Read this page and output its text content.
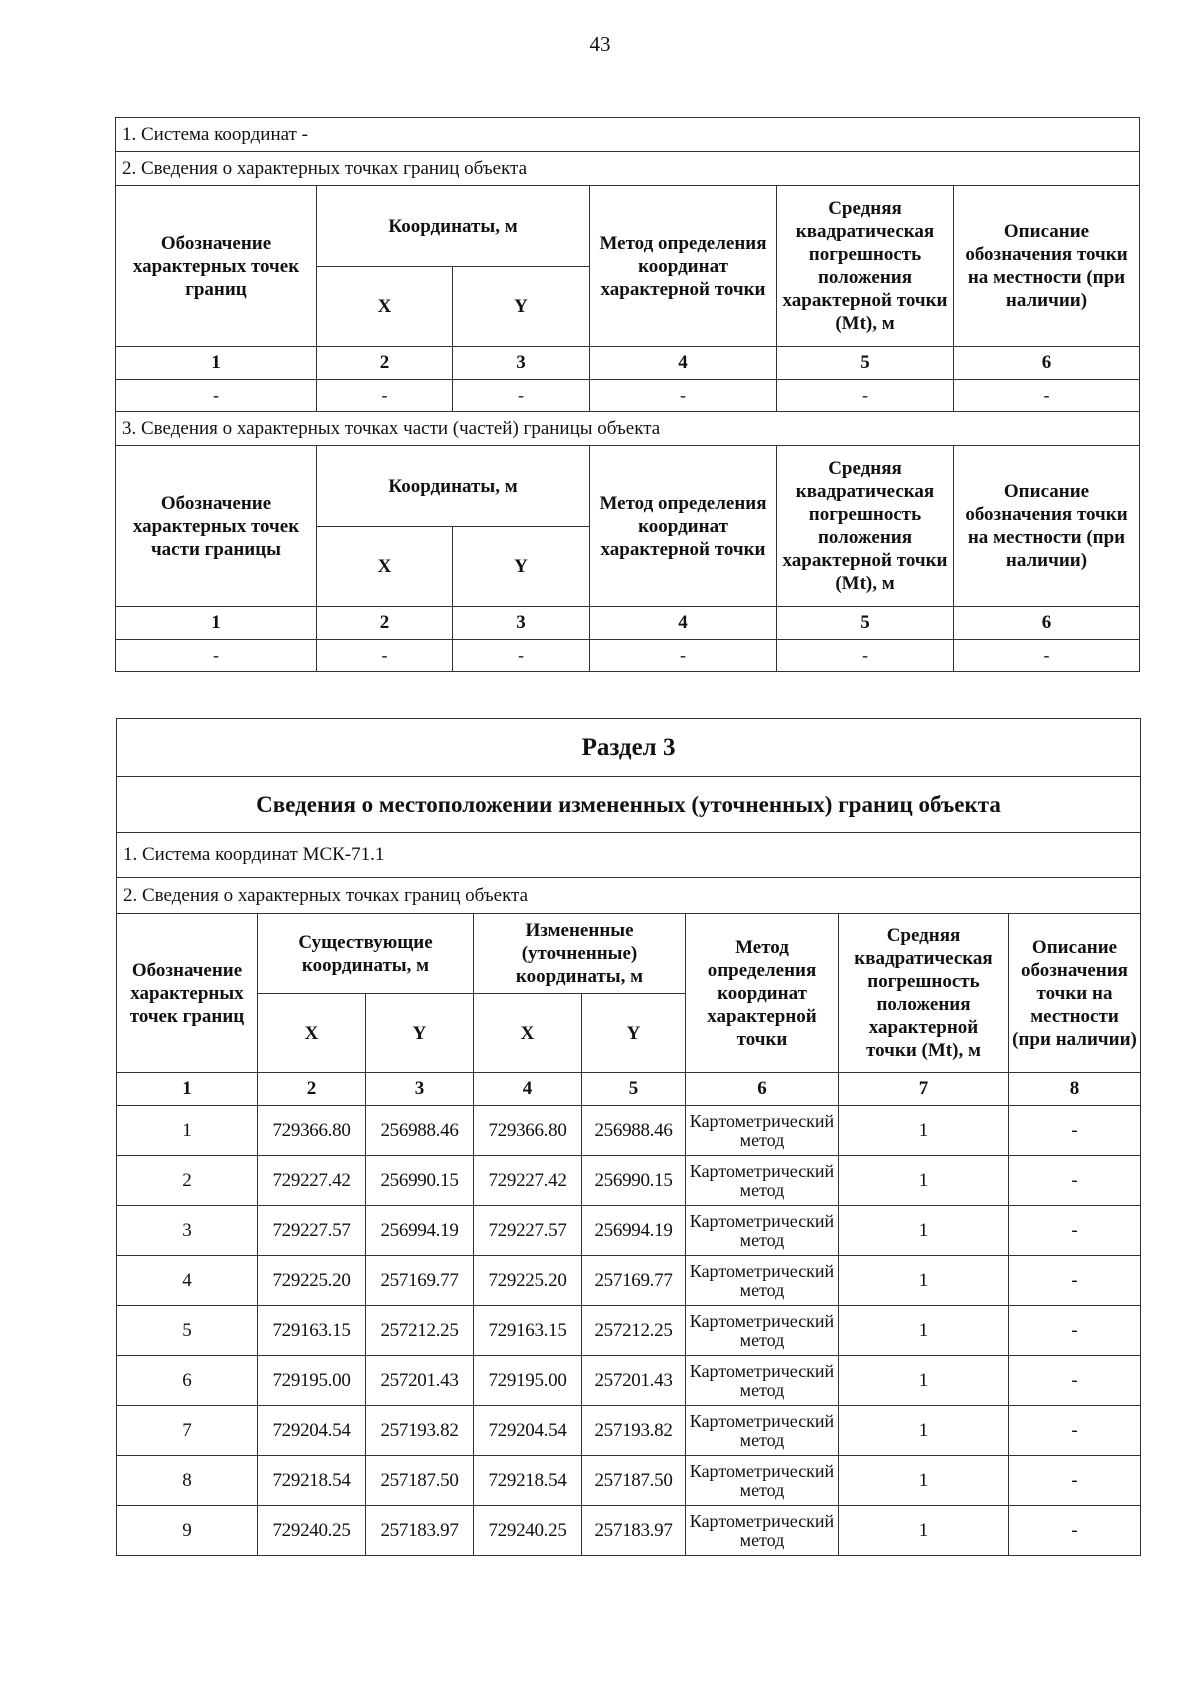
43
1. Система координат -					
2. Сведения о характерных точках границ объекта					
Обозначение характерных точек границ	Координаты, м		Метод определения координат характерной точки	Средняя квадратическая погрешность положения характерной точки (Mt), м	Описание обозначения точки на местности (при наличии)
	X	Y			
1	2	3	4	5	6
-	-	-	-	-	-
3. Сведения о характерных точках части (частей) границы объекта					
Обозначение характерных точек части границы	Координаты, м		Метод определения координат характерной точки	Средняя квадратическая погрешность положения характерной точки (Mt), м	Описание обозначения точки на местности (при наличии)
	X	Y			
1	2	3	4	5	6
-	-	-	-	-	-
Раздел 3							
Сведения о местоположении измененных (уточненных) границ объекта							
1. Система координат МСК-71.1							
2. Сведения о характерных точках границ объекта							
Обозначение характерных точек границ	Существующие координаты, м		Измененные (уточненные) координаты, м		Метод определения координат характерной точки	Средняя квадратическая погрешность положения характерной точки (Mt), м	Описание обозначения точки на местности (при наличии)
	X	Y	X	Y			
1	2	3	4	5	6	7	8
1	729366.80	256988.46	729366.80	256988.46	Картометрический метод	1	-
2	729227.42	256990.15	729227.42	256990.15	Картометрический метод	1	-
3	729227.57	256994.19	729227.57	256994.19	Картометрический метод	1	-
4	729225.20	257169.77	729225.20	257169.77	Картометрический метод	1	-
5	729163.15	257212.25	729163.15	257212.25	Картометрический метод	1	-
6	729195.00	257201.43	729195.00	257201.43	Картометрический метод	1	-
7	729204.54	257193.82	729204.54	257193.82	Картометрический метод	1	-
8	729218.54	257187.50	729218.54	257187.50	Картометрический метод	1	-
9	729240.25	257183.97	729240.25	257183.97	Картометрический метод	1	-
